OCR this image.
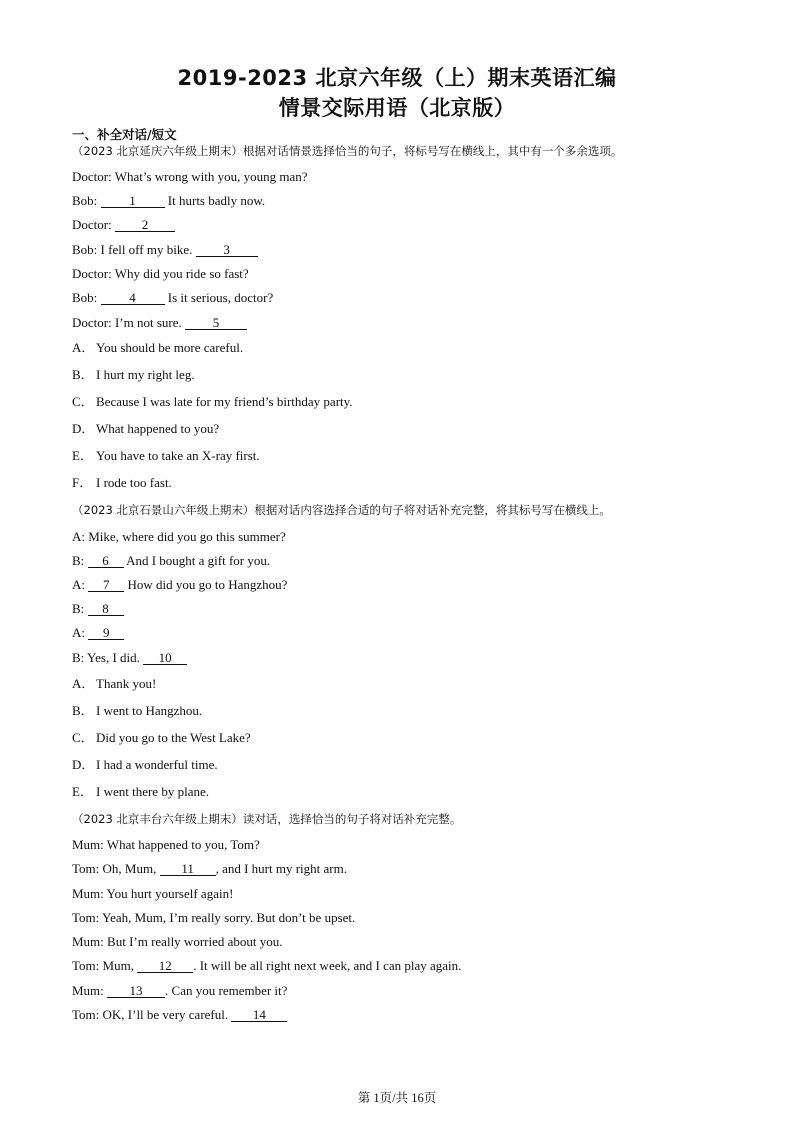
2019-2023 北京六年级（上）期末英语汇编
情景交际用语（北京版）
一、补全对话/短文
（2023 北京延庆六年级上期末）根据对话情景选择恰当的句子，将标号写在横线上，其中有一个多余选项。
Doctor: What’s wrong with you, young man?
Bob: 1 It hurts badly now.
Doctor: 2
Bob: I fell off my bike. 3
Doctor: Why did you ride so fast?
Bob: 4 Is it serious, doctor?
Doctor: I’m not sure. 5
A． You should be more careful.
B． I hurt my right leg.
C． Because I was late for my friend’s birthday party.
D． What happened to you?
E． You have to take an X-ray first.
F． I rode too fast.
（2023 北京石景山六年级上期末）根据对话内容选择合适的句子将对话补充完整，将其标号写在横线上。
A: Mike, where did you go this summer?
B: 6 And I bought a gift for you.
A: 7 How did you go to Hangzhou?
B: 8
A: 9
B: Yes, I did. 10
A． Thank you!
B． I went to Hangzhou.
C． Did you go to the West Lake?
D． I had a wonderful time.
E． I went there by plane.
（2023 北京丰台六年级上期末）读对话，选择恰当的句子将对话补充完整。
Mum: What happened to you, Tom?
Tom: Oh, Mum, 11 , and I hurt my right arm.
Mum: You hurt yourself again!
Tom: Yeah, Mum, I’m really sorry. But don’t be upset.
Mum: But I’m really worried about you.
Tom: Mum, 12 . It will be all right next week, and I can play again.
Mum: 13 . Can you remember it?
Tom: OK, I’ll be very careful. 14
第 1页/共 16页
